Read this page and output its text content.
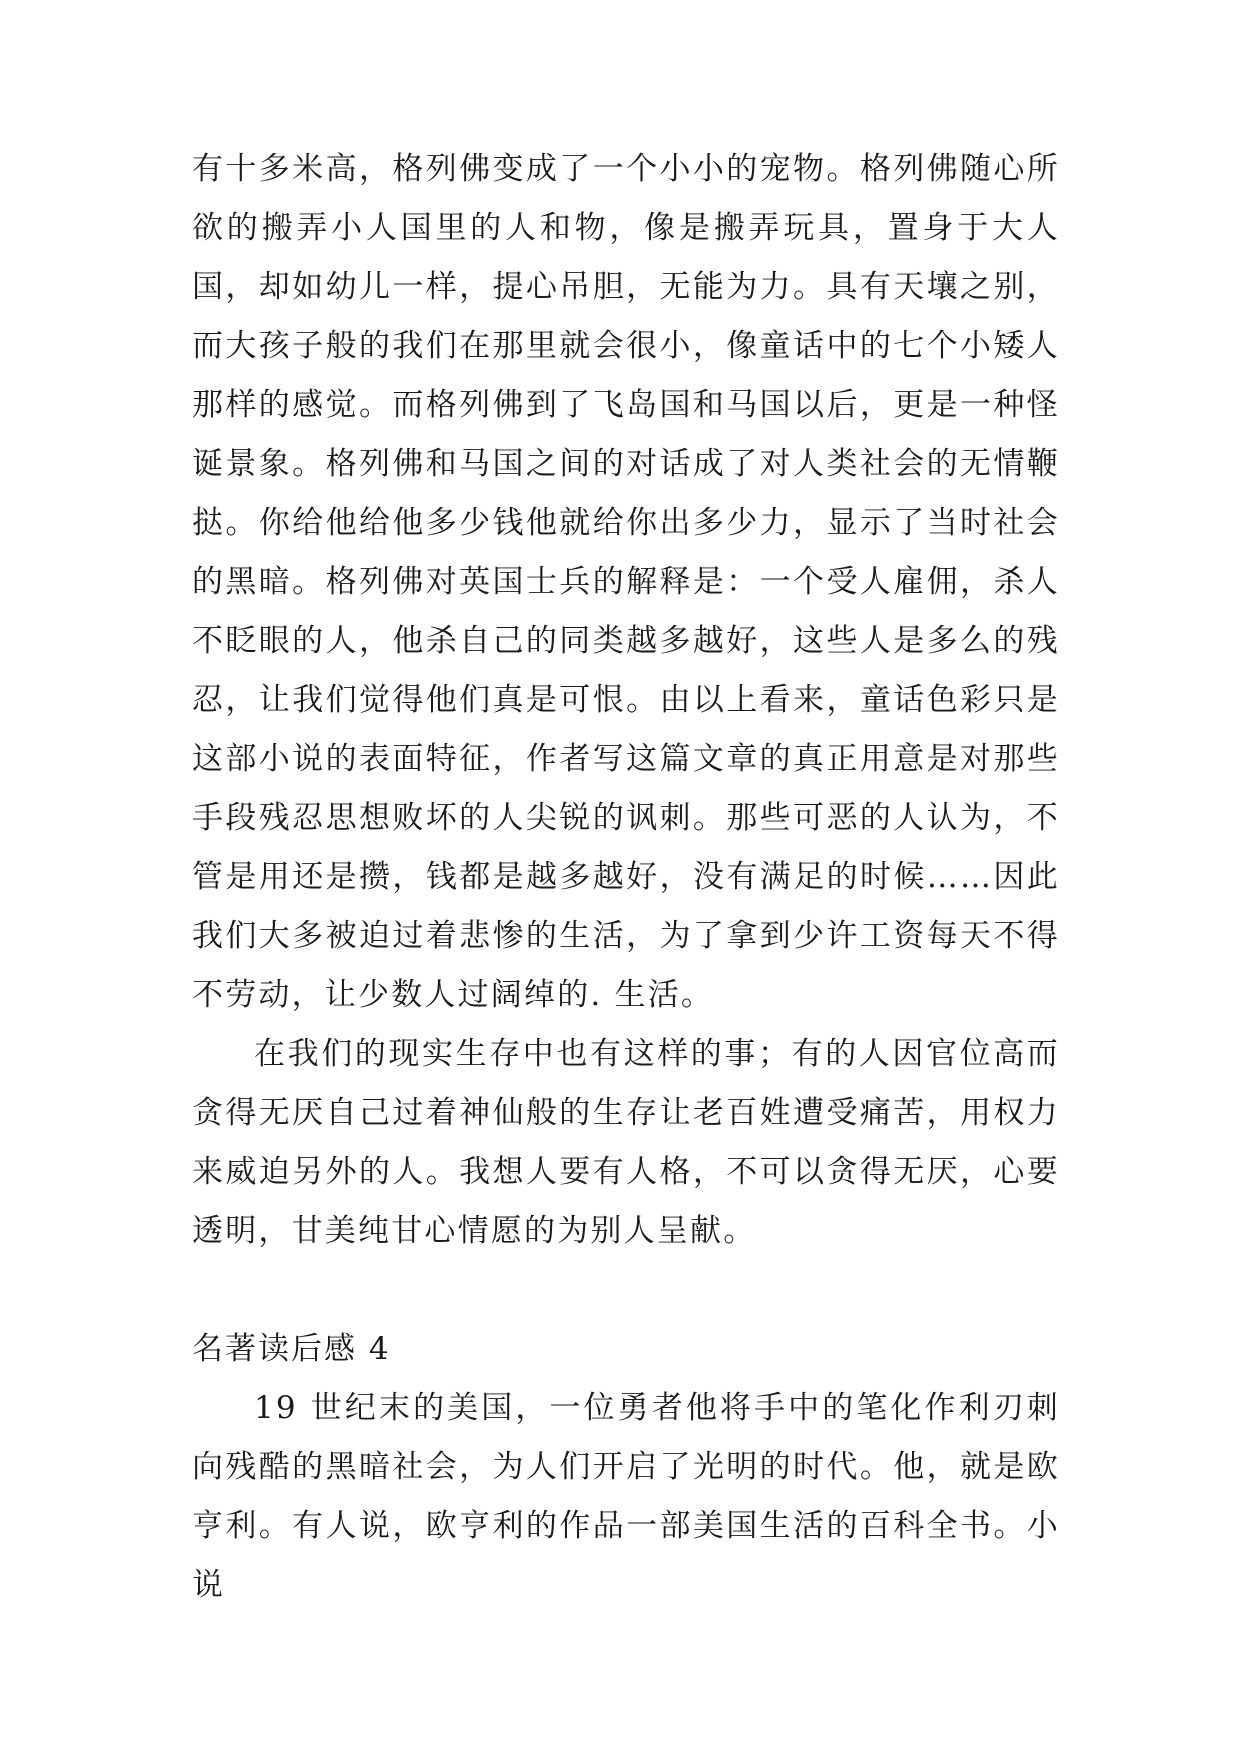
有十多米高，格列佛变成了一个小小的宠物。格列佛随心所欲的搬弄小人国里的人和物，像是搬弄玩具，置身于大人国，却如幼儿一样，提心吊胆，无能为力。具有天壤之别，而大孩子般的我们在那里就会很小，像童话中的七个小矮人那样的感觉。而格列佛到了飞岛国和马国以后，更是一种怪诞景象。格列佛和马国之间的对话成了对人类社会的无情鞭挞。你给他给他多少钱他就给你出多少力，显示了当时社会的黑暗。格列佛对英国士兵的解释是：一个受人雇佣，杀人不眨眼的人，他杀自己的同类越多越好，这些人是多么的残忍，让我们觉得他们真是可恨。由以上看来，童话色彩只是这部小说的表面特征，作者写这篇文章的真正用意是对那些手段残忍思想败坏的人尖锐的讽刺。那些可恶的人认为，不管是用还是攒，钱都是越多越好，没有满足的时候……因此我们大多被迫过着悲惨的生活，为了拿到少许工资每天不得不劳动，让少数人过阔绰的. 生活。

在我们的现实生存中也有这样的事；有的人因官位高而贪得无厌自己过着神仙般的生存让老百姓遭受痛苦，用权力来威迫另外的人。我想人要有人格，不可以贪得无厌，心要透明，甘美纯甘心情愿的为别人呈献。

名著读后感 4

19 世纪末的美国，一位勇者他将手中的笔化作利刃刺向残酷的黑暗社会，为人们开启了光明的时代。他，就是欧亨利。有人说，欧亨利的作品一部美国生活的百科全书。小说
